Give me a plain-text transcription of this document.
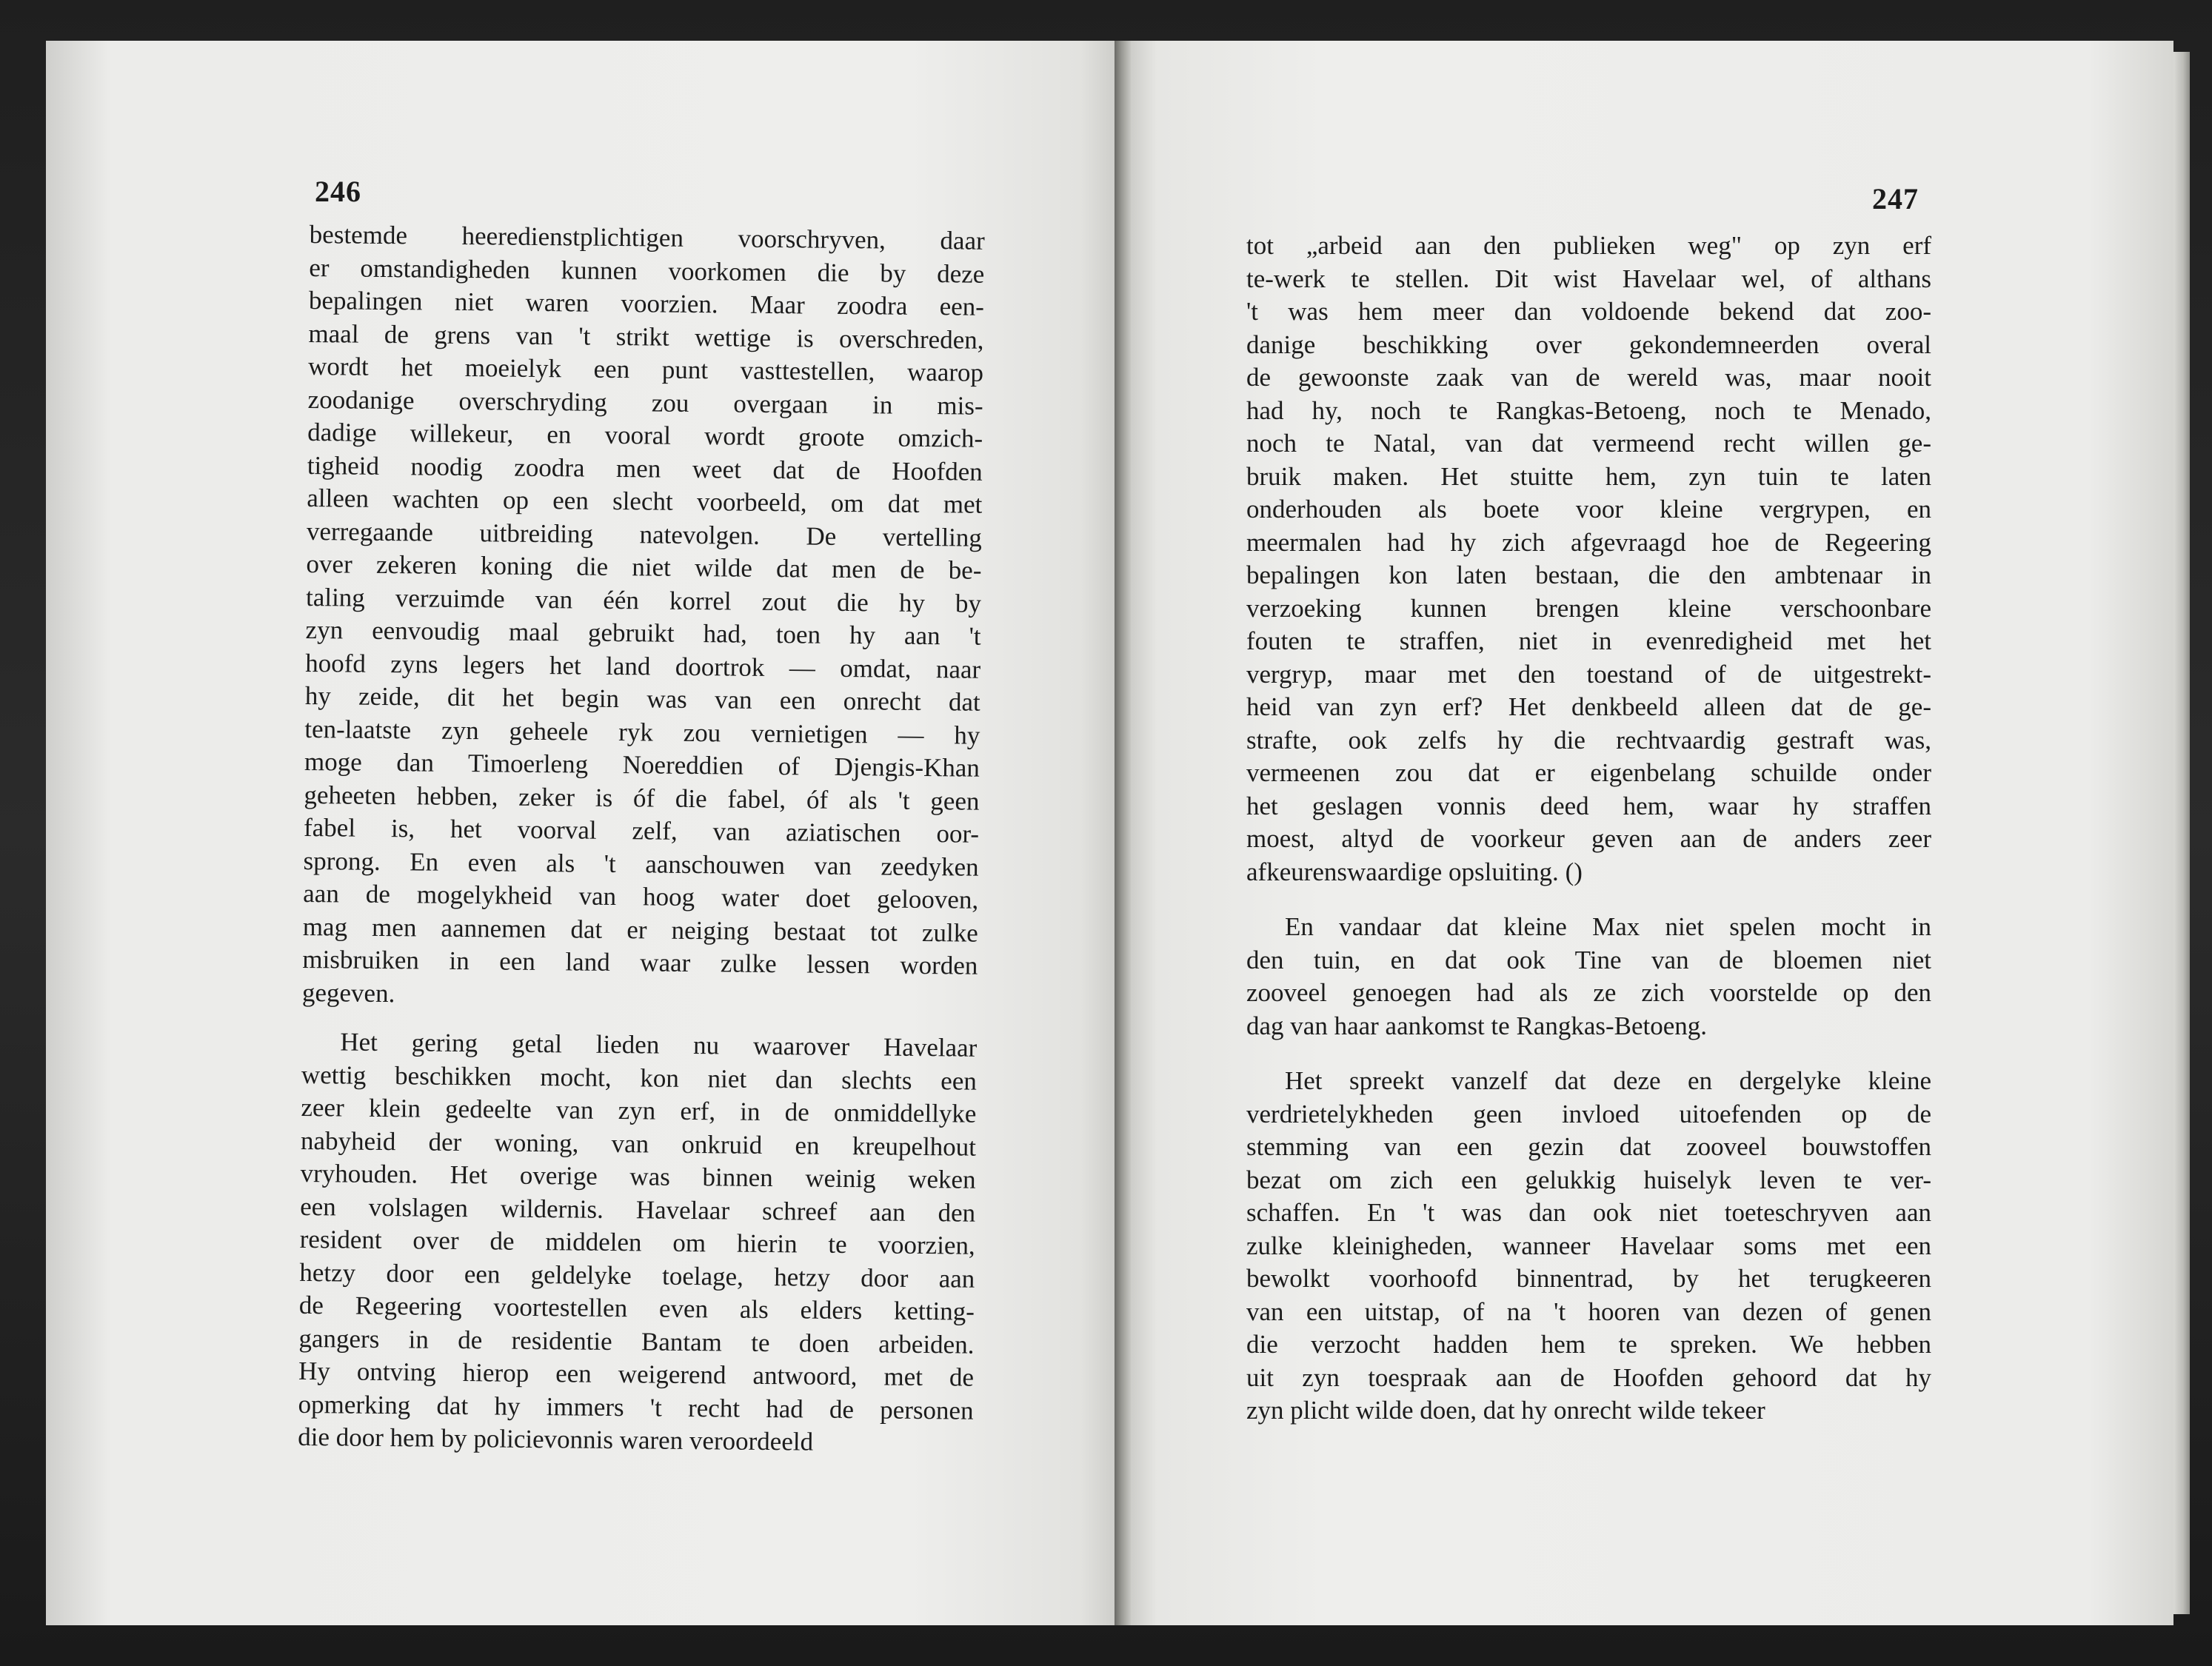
246	247
bestemde heeredienstplichtigen voorschryven, daar
er omstandigheden kunnen voorkomen die by deze
bepalingen niet waren voorzien. Maar zoodra een-
maal de grens van 't strikt wettige is overschreden,
wordt het moeielyk een punt vasttestellen, waarop
zoodanige overschryding zou overgaan in mis-
dadige willekeur, en vooral wordt groote omzich-
tigheid noodig zoodra men weet dat de Hoofden
alleen wachten op een slecht voorbeeld, om dat met
verregaande uitbreiding natevolgen. De vertelling
over zekeren koning die niet wilde dat men de be-
taling verzuimde van één korrel zout die hy by
zyn eenvoudig maal gebruikt had, toen hy aan 't
hoofd zyns legers het land doortrok — omdat, naar
hy zeide, dit het begin was van een onrecht dat
ten-laatste zyn geheele ryk zou vernietigen — hy
moge dan Timoerleng Noereddien of Djengis-Khan
geheeten hebben, zeker is óf die fabel, óf als 't geen
fabel is, het voorval zelf, van aziatischen oor-
sprong. En even als 't aanschouwen van zeedyken
aan de mogelykheid van hoog water doet gelooven,
mag men aannemen dat er neiging bestaat tot zulke
misbruiken in een land waar zulke lessen worden
gegeven.
Het gering getal lieden nu waarover Havelaar
wettig beschikken mocht, kon niet dan slechts een
zeer klein gedeelte van zyn erf, in de onmiddellyke
nabyheid der woning, van onkruid en kreupelhout
vryhouden. Het overige was binnen weinig weken
een volslagen wildernis. Havelaar schreef aan den
resident over de middelen om hierin te voorzien,
hetzy door een geldelyke toelage, hetzy door aan
de Regeering voortestellen even als elders ketting-
gangers in de residentie Bantam te doen arbeiden.
Hy ontving hierop een weigerend antwoord, met de
opmerking dat hy immers 't recht had de personen
die door hem by policievonnis waren veroordeeld
tot „arbeid aan den publieken weg" op zyn erf
te-werk te stellen. Dit wist Havelaar wel, of althans
't was hem meer dan voldoende bekend dat zoo-
danige beschikking over gekondemneerden overal
de gewoonste zaak van de wereld was, maar nooit
had hy, noch te Rangkas-Betoeng, noch te Menado,
noch te Natal, van dat vermeend recht willen ge-
bruik maken. Het stuitte hem, zyn tuin te laten
onderhouden als boete voor kleine vergrypen, en
meermalen had hy zich afgevraagd hoe de Regeering
bepalingen kon laten bestaan, die den ambtenaar in
verzoeking kunnen brengen kleine verschoonbare
fouten te straffen, niet in evenredigheid met het
vergryp, maar met den toestand of de uitgestrekt-
heid van zyn erf? Het denkbeeld alleen dat de ge-
strafte, ook zelfs hy die rechtvaardig gestraft was,
vermeenen zou dat er eigenbelang schuilde onder
het geslagen vonnis deed hem, waar hy straffen
moest, altyd de voorkeur geven aan de anders zeer
afkeurenswaardige opsluiting. ()
En vandaar dat kleine Max niet spelen mocht in
den tuin, en dat ook Tine van de bloemen niet
zooveel genoegen had als ze zich voorstelde op den
dag van haar aankomst te Rangkas-Betoeng.
Het spreekt vanzelf dat deze en dergelyke kleine
verdrietelykheden geen invloed uitoefenden op de
stemming van een gezin dat zooveel bouwstoffen
bezat om zich een gelukkig huiselyk leven te ver-
schaffen. En 't was dan ook niet toeteschryven aan
zulke kleinigheden, wanneer Havelaar soms met een
bewolkt voorhoofd binnentrad, by het terugkeeren
van een uitstap, of na 't hooren van dezen of genen
die verzocht hadden hem te spreken. We hebben
uit zyn toespraak aan de Hoofden gehoord dat hy
zyn plicht wilde doen, dat hy onrecht wilde tekeer
